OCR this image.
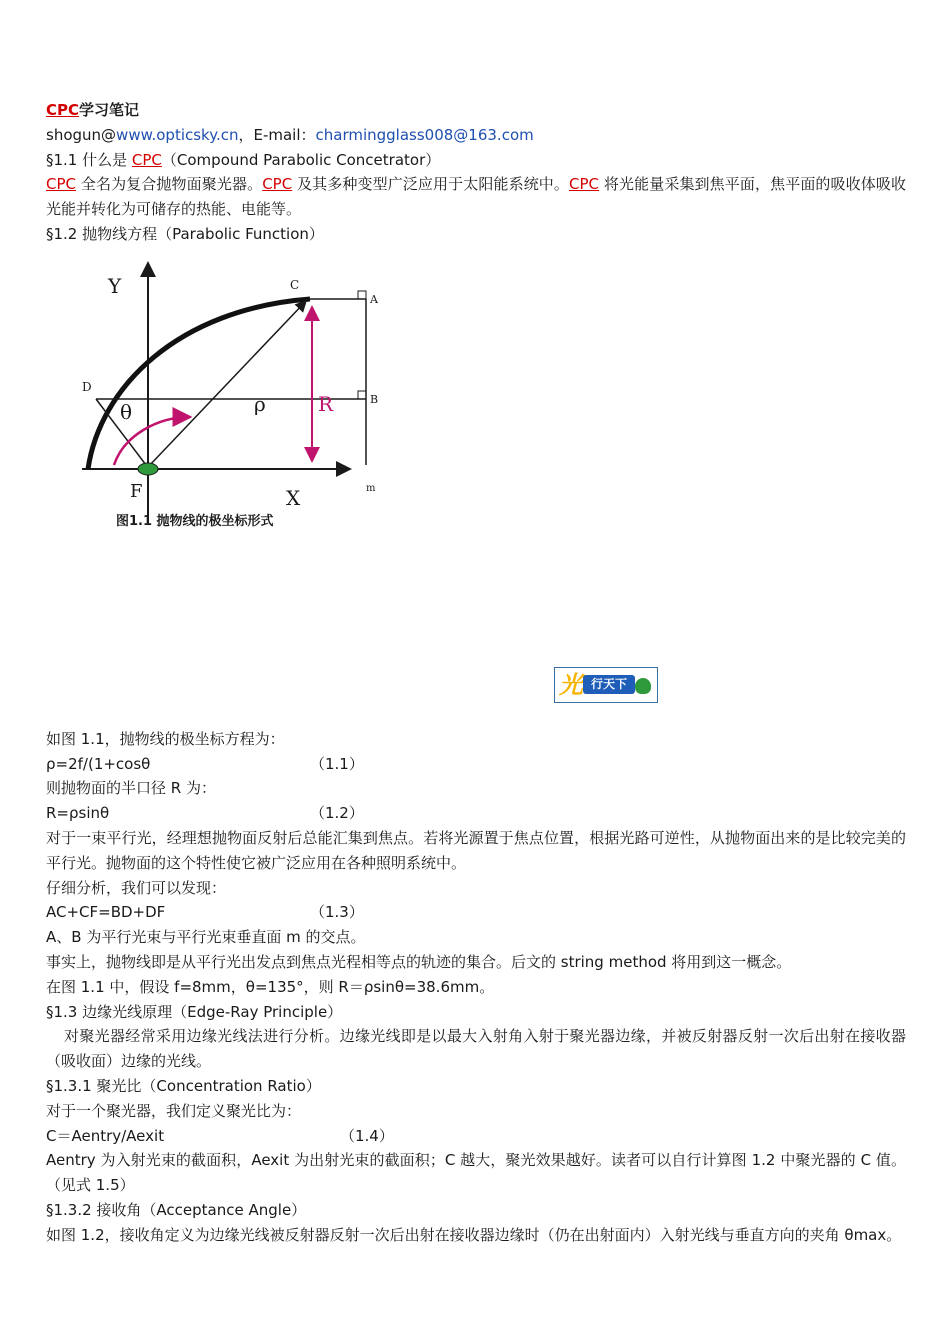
CPC学习笔记
shogun@www.opticsky.cn，E-mail：charmingglass008@163.com
§1.1 什么是 CPC（Compound Parabolic Concetrator）
CPC 全名为复合抛物面聚光器。CPC 及其多种变型广泛应用于太阳能系统中。CPC 将光能量采集到焦平面，焦平面的吸收体吸收光能并转化为可储存的热能、电能等。
§1.2 抛物线方程（Parabolic Function）
Y
X
C
A
B
D
F	m
θ	ρ	R
图1.1 抛物线的极坐标形式
光 行天下
如图 1.1，抛物线的极坐标方程为：
ρ=2f/(1+cosθ	（1.1）
则抛物面的半口径 R 为：
R=ρsinθ	（1.2）
对于一束平行光，经理想抛物面反射后总能汇集到焦点。若将光源置于焦点位置，根据光路可逆性，从抛物面出来的是比较完美的平行光。抛物面的这个特性使它被广泛应用在各种照明系统中。
仔细分析，我们可以发现：
AC+CF=BD+DF	（1.3）
A、B 为平行光束与平行光束垂直面 m 的交点。
事实上，抛物线即是从平行光出发点到焦点光程相等点的轨迹的集合。后文的 string method 将用到这一概念。
在图 1.1 中，假设 f=8mm，θ=135°，则 R＝ρsinθ=38.6mm。
§1.3 边缘光线原理（Edge-Ray Principle）
对聚光器经常采用边缘光线法进行分析。边缘光线即是以最大入射角入射于聚光器边缘，并被反射器反射一次后出射在接收器（吸收面）边缘的光线。
§1.3.1 聚光比（Concentration Ratio）
对于一个聚光器，我们定义聚光比为：
C＝Aentry/Aexit	（1.4）
Aentry 为入射光束的截面积，Aexit 为出射光束的截面积；C 越大，聚光效果越好。读者可以自行计算图 1.2 中聚光器的 C 值。（见式 1.5）
§1.3.2 接收角（Acceptance Angle）
如图 1.2，接收角定义为边缘光线被反射器反射一次后出射在接收器边缘时（仍在出射面内）入射光线与垂直方向的夹角 θmax。
